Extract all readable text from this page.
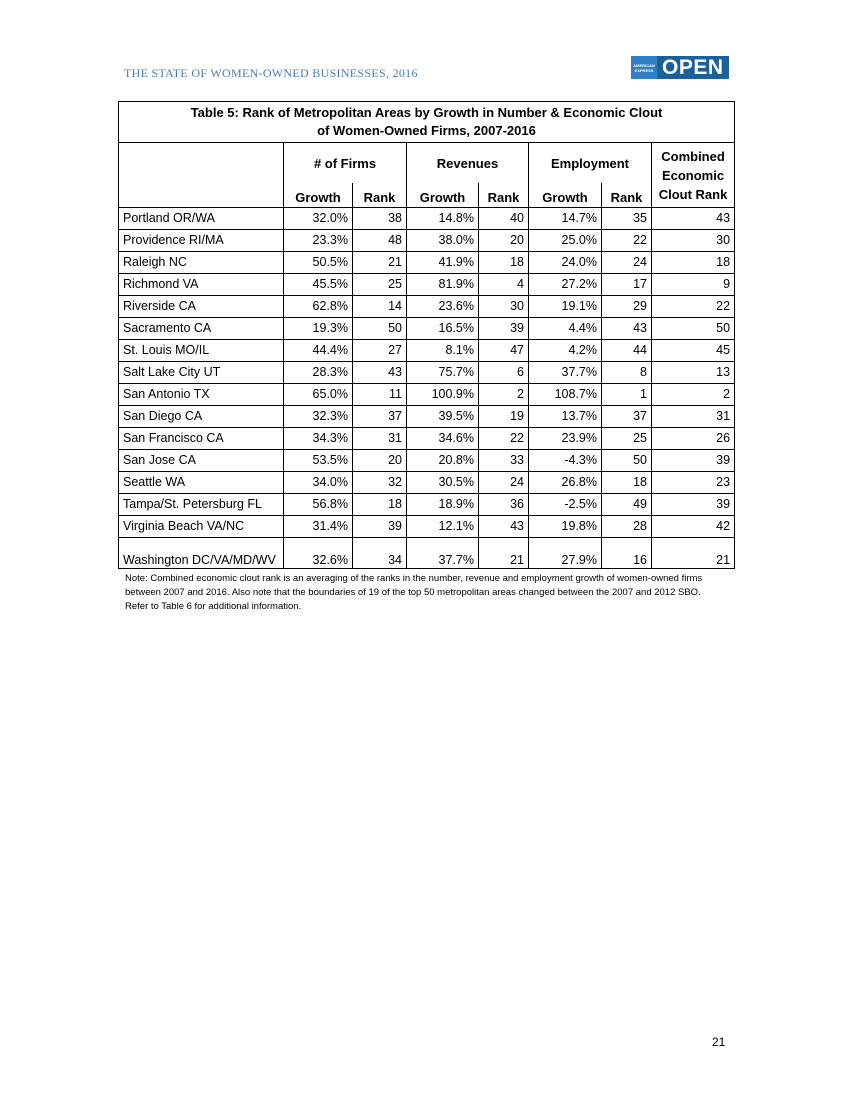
THE STATE OF WOMEN-OWNED BUSINESSES, 2016
AMERICAN EXPRESS OPEN
Table 5: Rank of Metropolitan Areas by Growth in Number & Economic Clout
of Women-Owned Firms, 2007-2016							

	# of Firms		Revenues		Employment		Combined Economic Clout Rank
	Growth	Rank	Growth	Rank	Growth	Rank	
Portland OR/WA	32.0%	38	14.8%	40	14.7%	35	43
Providence RI/MA	23.3%	48	38.0%	20	25.0%	22	30
Raleigh NC	50.5%	21	41.9%	18	24.0%	24	18
Richmond VA	45.5%	25	81.9%	4	27.2%	17	9
Riverside CA	62.8%	14	23.6%	30	19.1%	29	22
Sacramento CA	19.3%	50	16.5%	39	4.4%	43	50
St. Louis MO/IL	44.4%	27	8.1%	47	4.2%	44	45
Salt Lake City UT	28.3%	43	75.7%	6	37.7%	8	13
San Antonio TX	65.0%	11	100.9%	2	108.7%	1	2
San Diego CA	32.3%	37	39.5%	19	13.7%	37	31
San Francisco CA	34.3%	31	34.6%	22	23.9%	25	26
San Jose CA	53.5%	20	20.8%	33	-4.3%	50	39
Seattle WA	34.0%	32	30.5%	24	26.8%	18	23
Tampa/St. Petersburg FL	56.8%	18	18.9%	36	-2.5%	49	39
Virginia Beach VA/NC	31.4%	39	12.1%	43	19.8%	28	42
Washington DC/VA/MD/WV	32.6%	34	37.7%	21	27.9%	16	21
Note: Combined economic clout rank is an averaging of the ranks in the number, revenue and employment growth of women-owned firms between 2007 and 2016. Also note that the boundaries of 19 of the top 50 metropolitan areas changed between the 2007 and 2012 SBO. Refer to Table 6 for additional information.
21
